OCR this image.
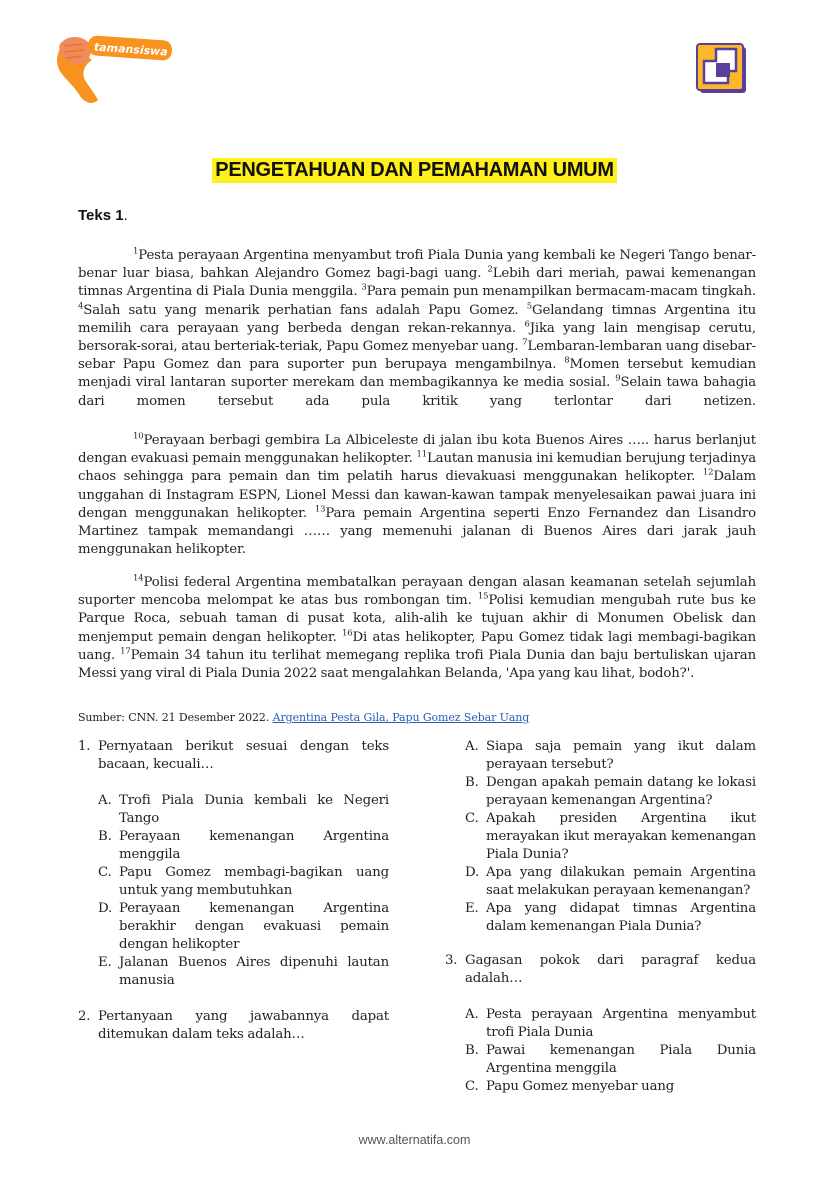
tamansiswa
PENGETAHUAN DAN PEMAHAMAN UMUM
Teks 1.
$^1$Pesta perayaan Argentina menyambut trofi Piala Dunia yang kembali ke Negeri Tango benar-benar luar biasa, bahkan Alejandro Gomez bagi-bagi uang. $^2$Lebih dari meriah, pawai kemenangan timnas Argentina di Piala Dunia menggila. $^3$Para pemain pun menampilkan bermacam-macam tingkah. $^4$Salah satu yang menarik perhatian fans adalah Papu Gomez. $^5$Gelandang timnas Argentina itu memilih cara perayaan yang berbeda dengan rekan-rekannya. $^6$Jika yang lain mengisap cerutu, bersorak-sorai, atau berteriak-teriak, Papu Gomez menyebar uang. $^7$Lembaran-lembaran uang disebar-sebar Papu Gomez dan para suporter pun berupaya mengambilnya. $^8$Momen tersebut kemudian menjadi viral lantaran suporter merekam dan membagikannya ke media sosial. $^9$Selain tawa bahagia dari momen tersebut ada pula kritik yang terlontar dari netizen.
$^{10}$Perayaan berbagi gembira La Albiceleste di jalan ibu kota Buenos Aires ….. harus berlanjut dengan evakuasi pemain menggunakan helikopter. $^{11}$Lautan manusia ini kemudian berujung terjadinya chaos sehingga para pemain dan tim pelatih harus dievakuasi menggunakan helikopter. $^{12}$Dalam unggahan di Instagram ESPN, Lionel Messi dan kawan-kawan tampak menyelesaikan pawai juara ini dengan menggunakan helikopter. $^{13}$Para pemain Argentina seperti Enzo Fernandez dan Lisandro Martinez tampak memandangi …… yang memenuhi jalanan di Buenos Aires dari jarak jauh menggunakan helikopter.
$^{14}$Polisi federal Argentina membatalkan perayaan dengan alasan keamanan setelah sejumlah suporter mencoba melompat ke atas bus rombongan tim. $^{15}$Polisi kemudian mengubah rute bus ke Parque Roca, sebuah taman di pusat kota, alih-alih ke tujuan akhir di Monumen Obelisk dan menjemput pemain dengan helikopter. $^{16}$Di atas helikopter, Papu Gomez tidak lagi membagi-bagikan uang. $^{17}$Pemain 34 tahun itu terlihat memegang replika trofi Piala Dunia dan baju bertuliskan ujaran Messi yang viral di Piala Dunia 2022 saat mengalahkan Belanda, 'Apa yang kau lihat, bodoh?'.
Sumber: CNN. 21 Desember 2022. Argentina Pesta Gila, Papu Gomez Sebar Uang
1. Pernyataan berikut sesuai dengan teks bacaan, kecuali…
A. Trofi Piala Dunia kembali ke Negeri Tango
B. Perayaan kemenangan Argentina menggila
C. Papu Gomez membagi-bagikan uang untuk yang membutuhkan
D. Perayaan kemenangan Argentina berakhir dengan evakuasi pemain dengan helikopter
E. Jalanan Buenos Aires dipenuhi lautan manusia
2. Pertanyaan yang jawabannya dapat ditemukan dalam teks adalah…
A. Siapa saja pemain yang ikut dalam perayaan tersebut?
B. Dengan apakah pemain datang ke lokasi perayaan kemenangan Argentina?
C. Apakah presiden Argentina ikut merayakan ikut merayakan kemenangan Piala Dunia?
D. Apa yang dilakukan pemain Argentina saat melakukan perayaan kemenangan?
E. Apa yang didapat timnas Argentina dalam kemenangan Piala Dunia?
3. Gagasan pokok dari paragraf kedua adalah…
A. Pesta perayaan Argentina menyambut trofi Piala Dunia
B. Pawai kemenangan Piala Dunia Argentina menggila
C. Papu Gomez menyebar uang
www.alternatifa.com
